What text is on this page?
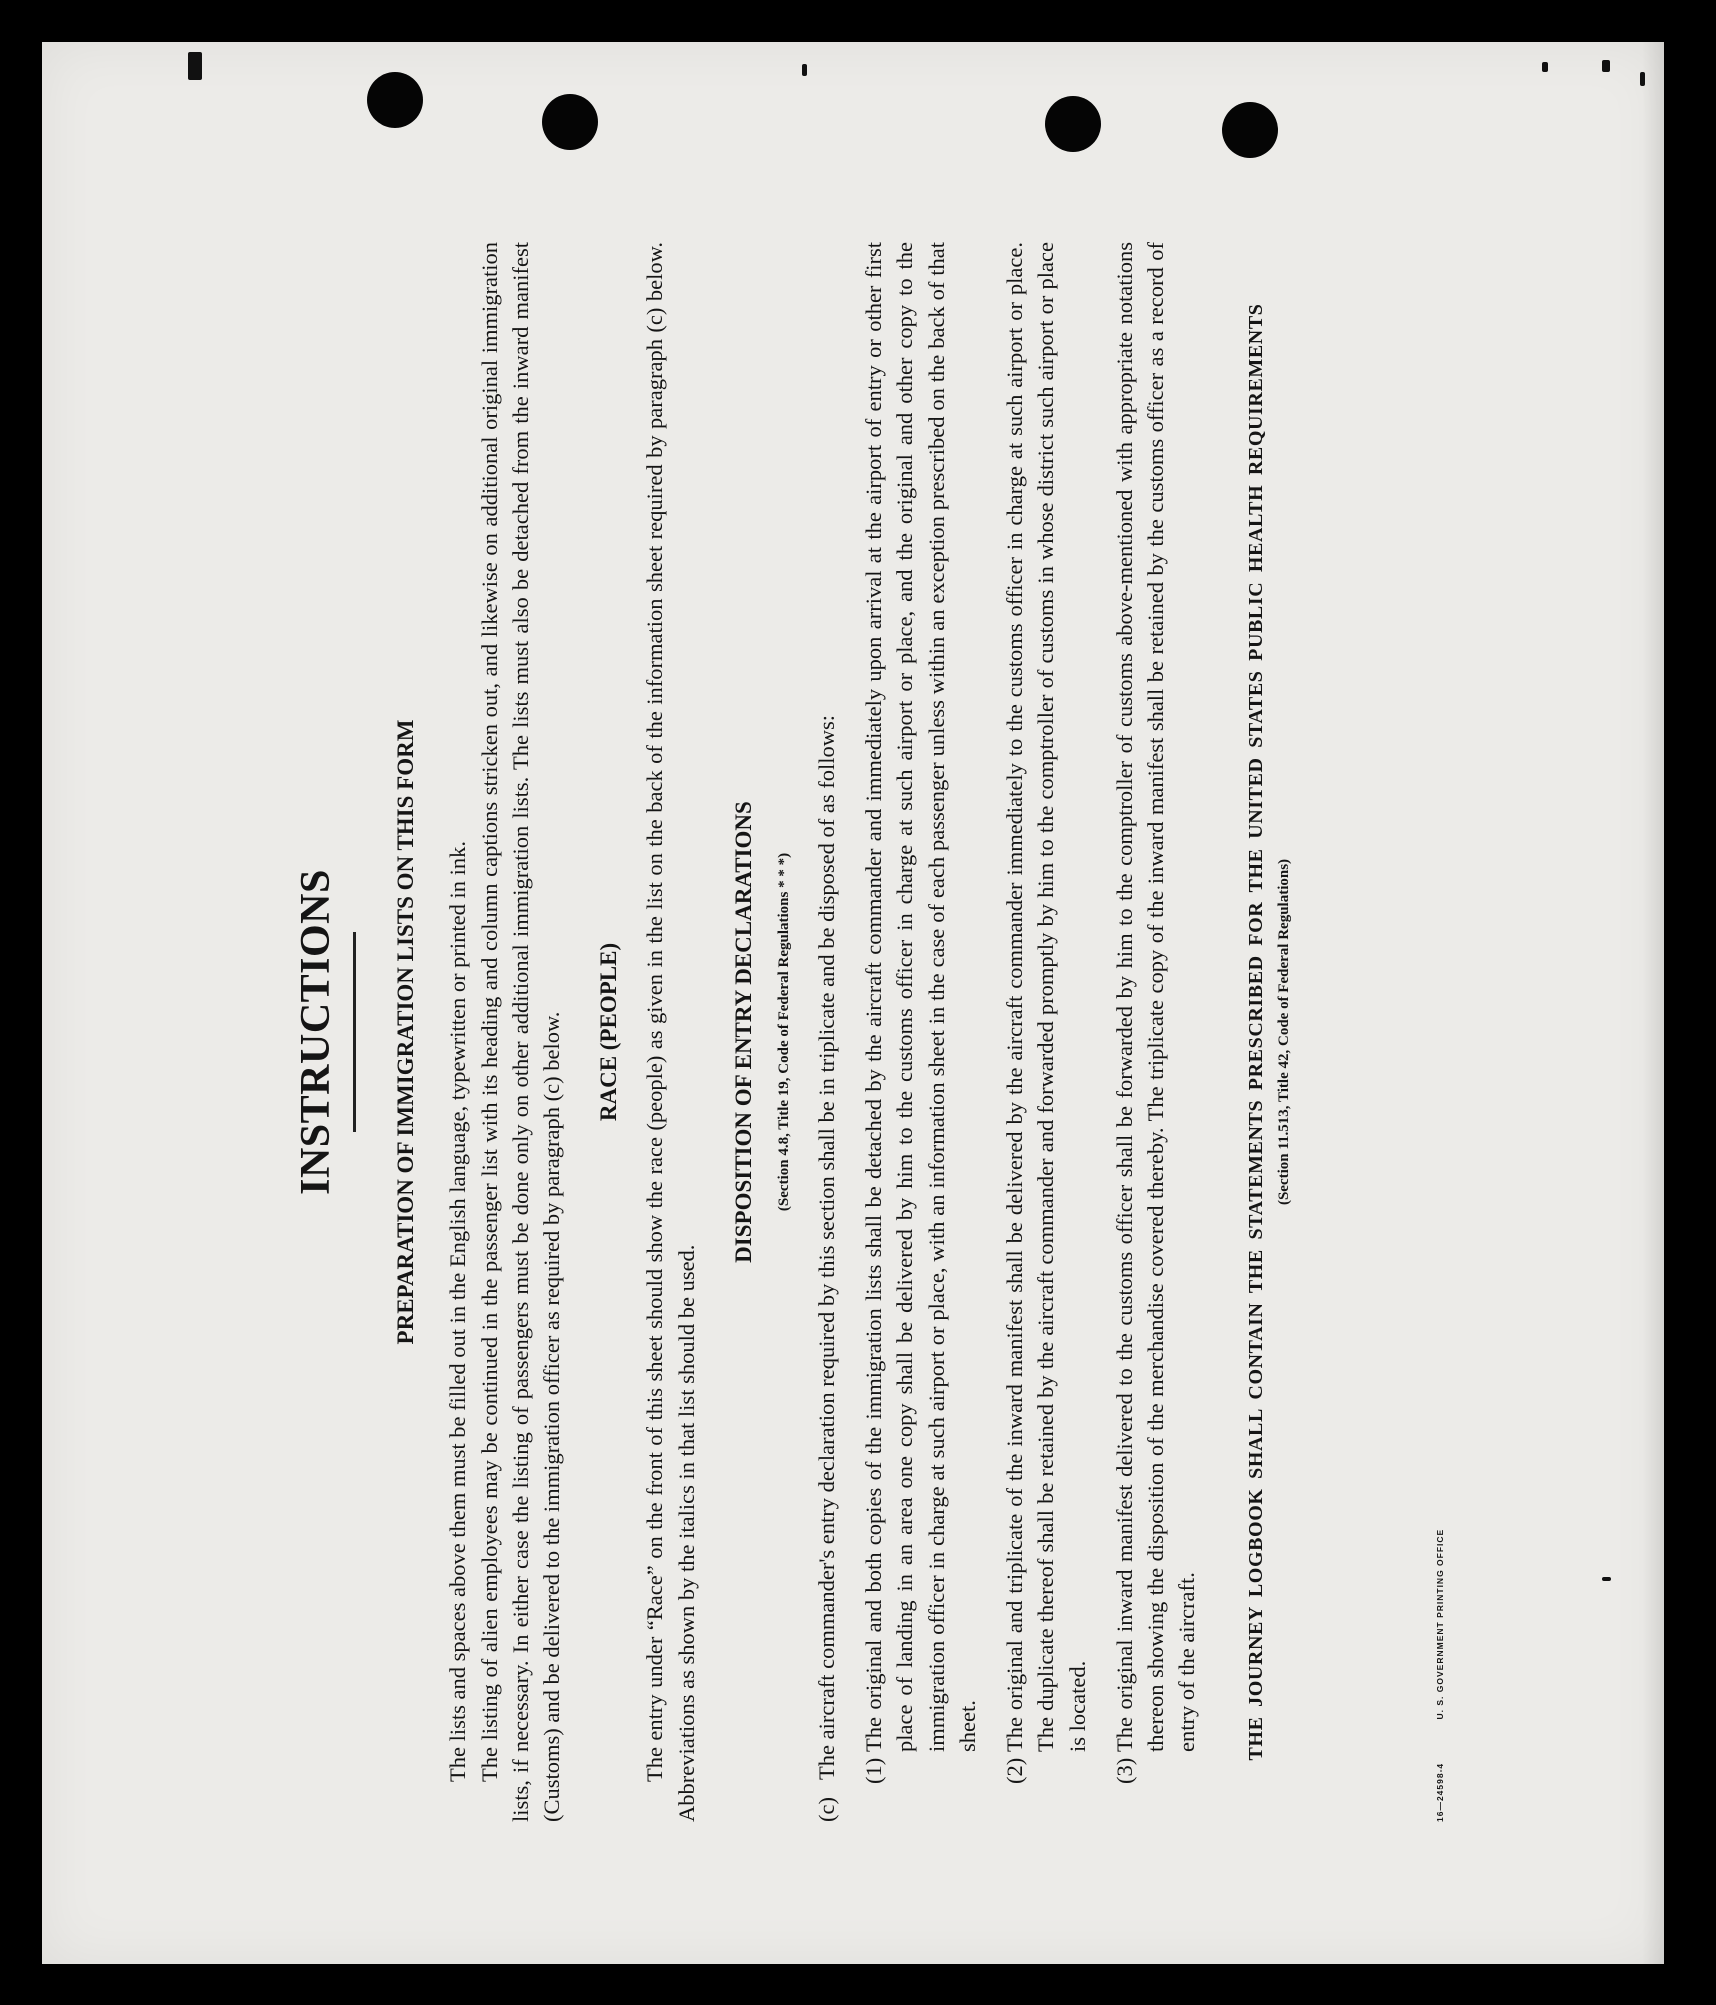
INSTRUCTIONS PREPARATION OF IMMIGRATION LISTS ON THIS FORM The lists and spaces above them must be filled out in the English language, typewritten or printed in ink. The listing of alien employees may be continued in the passenger list with its heading and column captions stricken out, and likewise on additional original immigration lists, if necessary. In either case the listing of passengers must be done only on other additional immigration lists. The lists must also be detached from the inward manifest (Customs) and be delivered to the immigration officer as required by paragraph (c) below. RACE (PEOPLE) The entry under “Race” on the front of this sheet should show the race (people) as given in the list on the back of the information sheet required by paragraph (c) below. Abbreviations as shown by the italics in that list should be used.

DISPOSITION OF ENTRY DECLARATIONS (Section 4.8, Title 19, Code of Federal Regulations * * *)
(c)
The aircraft commander's entry declaration required by this section shall be in triplicate and be disposed of as follows: (1)
The original and both copies of the immigration lists shall be detached by the aircraft commander and immediately upon arrival at the airport of entry or other first place of landing in an area one copy shall be delivered by him to the customs officer in charge at such airport or place, and the original and other copy to the immigration officer in charge at such airport or place, with an information sheet in the case of each passenger unless within an exception prescribed on the back of that sheet.
(2)
The original and triplicate of the inward manifest shall be delivered by the aircraft commander immediately to the customs officer in charge at such airport or place. The duplicate thereof shall be retained by the aircraft commander and forwarded promptly by him to the comptroller of customs in whose district such airport or place is located.
(3)
The original inward manifest delivered to the customs officer shall be forwarded by him to the comptroller of customs above-mentioned with appropriate notations thereon showing the disposition of the merchandise covered thereby. The triplicate copy of the inward manifest shall be retained by the customs officer as a record of entry of the aircraft. THE JOURNEY LOGBOOK SHALL CONTAIN THE STATEMENTS PRESCRIBED FOR THE UNITED STATES PUBLIC HEALTH REQUIREMENTS (Section 11.513, Title 42, Code of Federal Regulations)
16—24598-4 U. S. GOVERNMENT PRINTING OFFICE
